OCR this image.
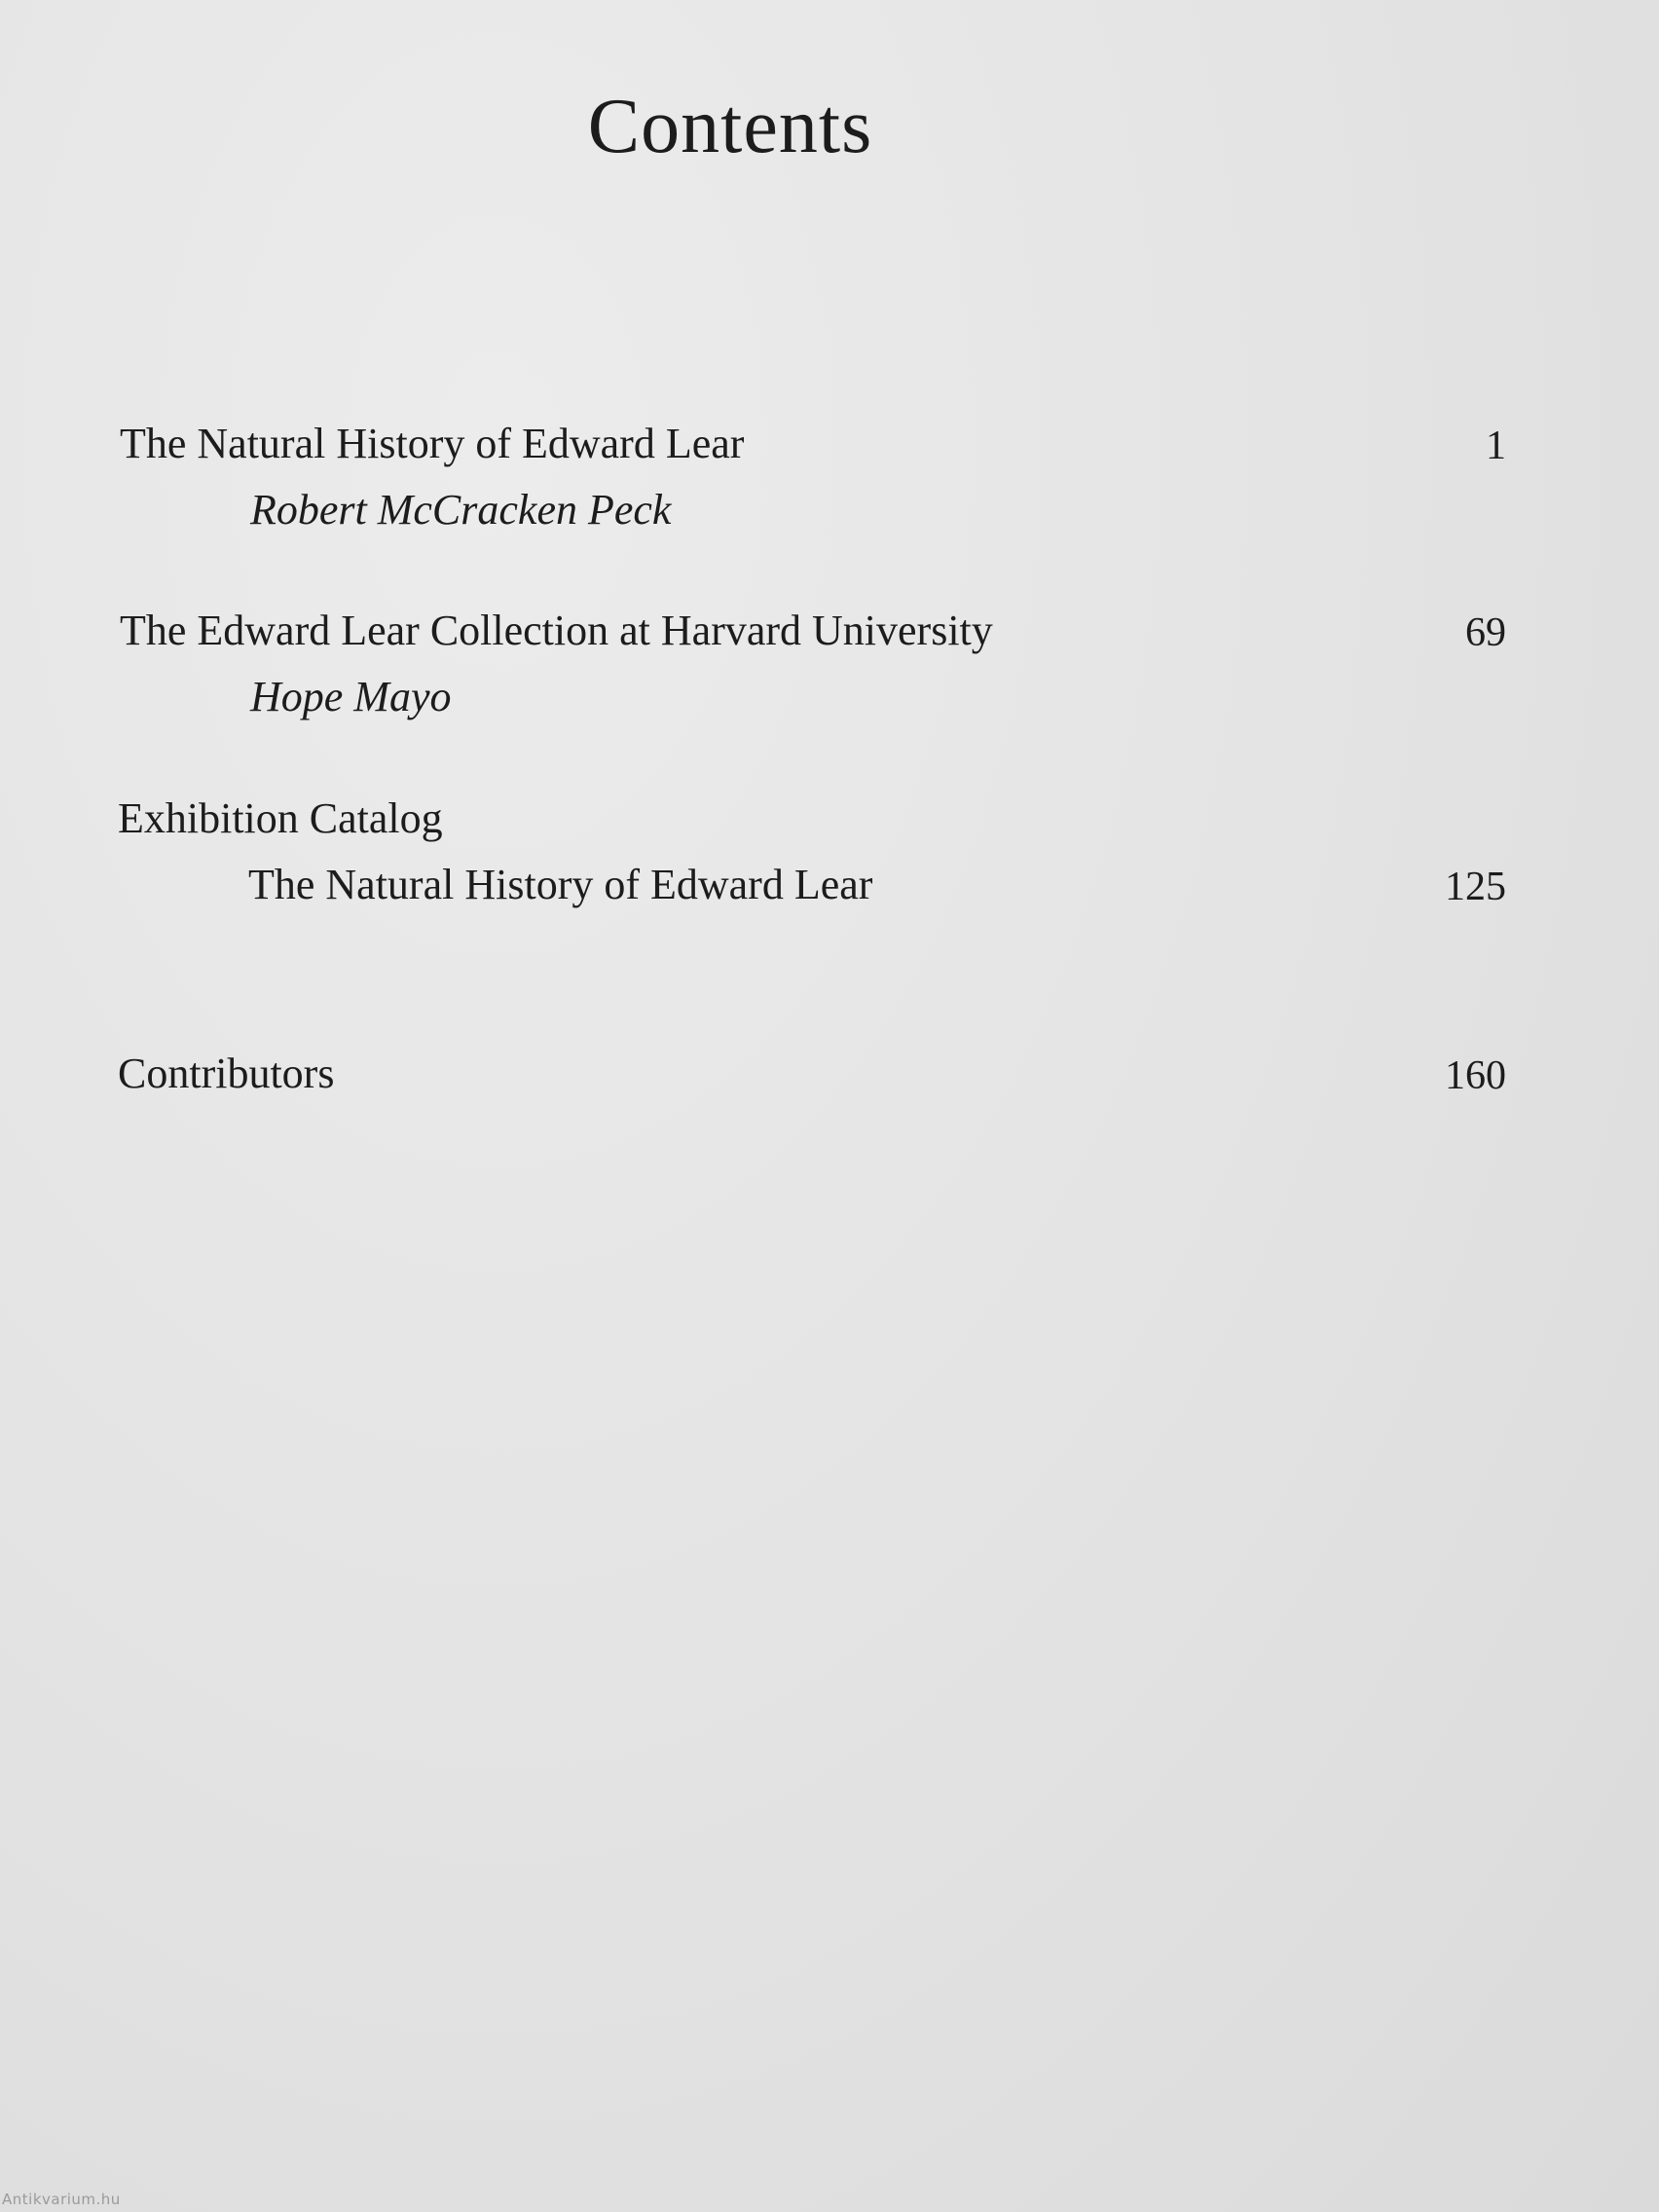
Contents
The Natural History of Edward Lear	1
Robert McCracken Peck
The Edward Lear Collection at Harvard University	69
Hope Mayo
Exhibition Catalog
The Natural History of Edward Lear	125
Contributors	160
Antikvarium.hu
